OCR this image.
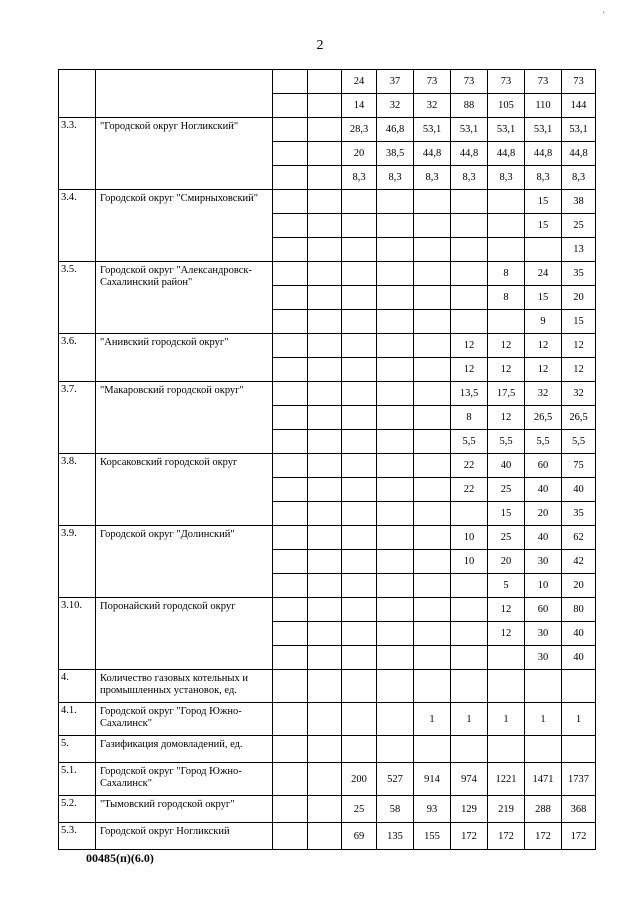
'
2
				24	37	73	73	73	73	73
				14	32	32	88	105	110	144
3.3.	"Городской округ Ногликский"			28,3	46,8	53,1	53,1	53,1	53,1	53,1
				20	38,5	44,8	44,8	44,8	44,8	44,8
				8,3	8,3	8,3	8,3	8,3	8,3	8,3
3.4.	Городской округ "Смирныховский"								15	38
									15	25
										13
3.5.	Городской округ "Александровск-Сахалинский район"							8	24	35
								8	15	20
									9	15
3.6.	"Анивский городской округ"						12	12	12	12
							12	12	12	12
3.7.	"Макаровский городской округ"						13,5	17,5	32	32
							8	12	26,5	26,5
							5,5	5,5	5,5	5,5
3.8.	Корсаковский городской округ						22	40	60	75
							22	25	40	40
								15	20	35
3.9.	Городской округ "Долинский"						10	25	40	62
							10	20	30	42
								5	10	20
3.10.	Поронайский городской округ							12	60	80
								12	30	40
									30	40
4.	Количество газовых котельных и промышленных установок, ед.									
4.1.	Городской округ "Город Южно-Сахалинск"					1	1	1	1	1
5.	Газификация домовладений, ед.									
5.1.	Городской округ "Город Южно-Сахалинск"			200	527	914	974	1221	1471	1737
5.2.	"Тымовский городской округ"			25	58	93	129	219	288	368
5.3.	Городской округ Ногликский			69	135	155	172	172	172	172
00485(п)(6.0)
